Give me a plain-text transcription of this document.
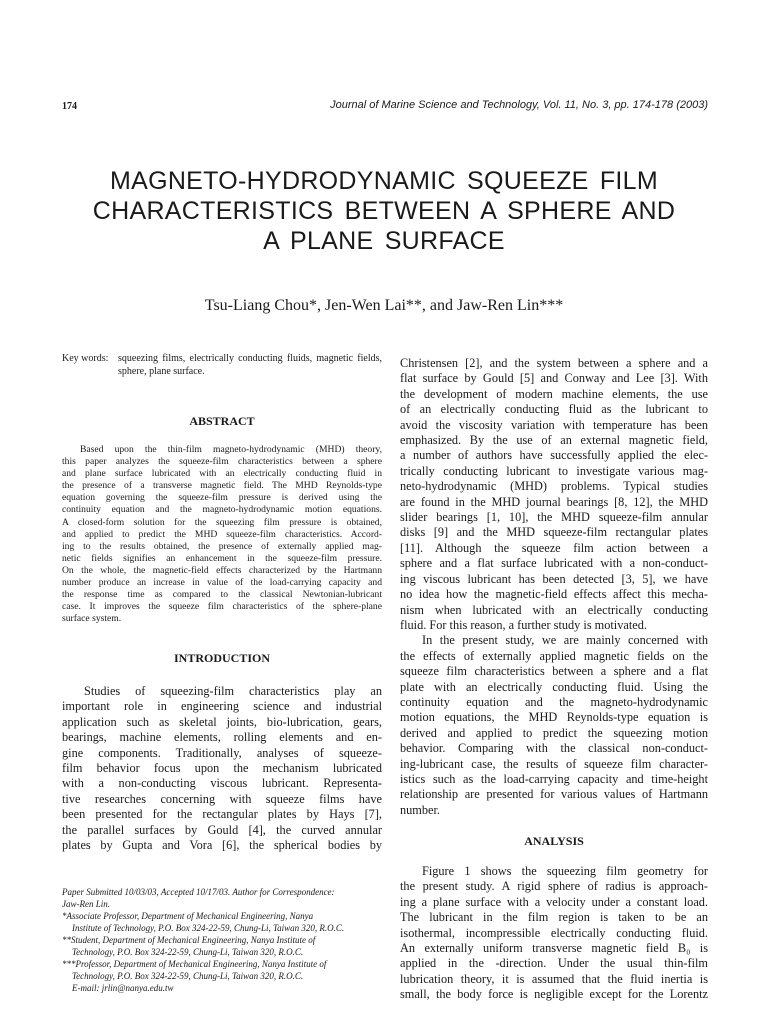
174	Journal of Marine Science and Technology, Vol. 11, No. 3, pp. 174-178 (2003)
MAGNETO-HYDRODYNAMIC SQUEEZE FILM
CHARACTERISTICS BETWEEN A SPHERE AND
A PLANE SURFACE
Tsu-Liang Chou*, Jen-Wen Lai**, and Jaw-Ren Lin***
Key words: squeezing films, electrically conducting fluids, magnetic fields,
sphere, plane surface.
ABSTRACT
Based upon the thin-film magneto-hydrodynamic (MHD) theory,
this paper analyzes the squeeze-film characteristics between a sphere
and plane surface lubricated with an electrically conducting fluid in
the presence of a transverse magnetic field. The MHD Reynolds-type
equation governing the squeeze-film pressure is derived using the
continuity equation and the magneto-hydrodynamic motion equations.
A closed-form solution for the squeezing film pressure is obtained,
and applied to predict the MHD squeeze-film characteristics. Accord-
ing to the results obtained, the presence of externally applied mag-
netic fields signifies an enhancement in the squeeze-film pressure.
On the whole, the magnetic-field effects characterized by the Hartmann
number produce an increase in value of the load-carrying capacity and
the response time as compared to the classical Newtonian-lubricant
case. It improves the squeeze film characteristics of the sphere-plane
surface system.
INTRODUCTION
Studies of squeezing-film characteristics play an
important role in engineering science and industrial
application such as skeletal joints, bio-lubrication, gears,
bearings, machine elements, rolling elements and en-
gine components. Traditionally, analyses of squeeze-
film behavior focus upon the mechanism lubricated
with a non-conducting viscous lubricant. Representa-
tive researches concerning with squeeze films have
been presented for the rectangular plates by Hays [7],
the parallel surfaces by Gould [4], the curved annular
plates by Gupta and Vora [6], the spherical bodies by
Paper Submitted 10/03/03, Accepted 10/17/03. Author for Correspondence:
Jaw-Ren Lin.
*Associate Professor, Department of Mechanical Engineering, Nanya
Institute of Technology, P.O. Box 324-22-59, Chung-Li, Taiwan 320, R.O.C.
**Student, Department of Mechanical Engineering, Nanya Institute of
Technology, P.O. Box 324-22-59, Chung-Li, Taiwan 320, R.O.C.
***Professor, Department of Mechanical Engineering, Nanya Institute of
Technology, P.O. Box 324-22-59, Chung-Li, Taiwan 320, R.O.C.
E-mail: jrlin@nanya.edu.tw
Christensen [2], and the system between a sphere and a
flat surface by Gould [5] and Conway and Lee [3]. With
the development of modern machine elements, the use
of an electrically conducting fluid as the lubricant to
avoid the viscosity variation with temperature has been
emphasized. By the use of an external magnetic field,
a number of authors have successfully applied the elec-
trically conducting lubricant to investigate various mag-
neto-hydrodynamic (MHD) problems. Typical studies
are found in the MHD journal bearings [8, 12], the MHD
slider bearings [1, 10], the MHD squeeze-film annular
disks [9] and the MHD squeeze-film rectangular plates
[11]. Although the squeeze film action between a
sphere and a flat surface lubricated with a non-conduct-
ing viscous lubricant has been detected [3, 5], we have
no idea how the magnetic-field effects affect this mecha-
nism when lubricated with an electrically conducting
fluid. For this reason, a further study is motivated.
In the present study, we are mainly concerned with
the effects of externally applied magnetic fields on the
squeeze film characteristics between a sphere and a flat
plate with an electrically conducting fluid. Using the
continuity equation and the magneto-hydrodynamic
motion equations, the MHD Reynolds-type equation is
derived and applied to predict the squeezing motion
behavior. Comparing with the classical non-conduct-
ing-lubricant case, the results of squeeze film character-
istics such as the load-carrying capacity and time-height
relationship are presented for various values of Hartmann
number.
ANALYSIS
Figure 1 shows the squeezing film geometry for
the present study. A rigid sphere of radius is approach-
ing a plane surface with a velocity under a constant load.
The lubricant in the film region is taken to be an
isothermal, incompressible electrically conducting fluid.
An externally uniform transverse magnetic field B₀ is
applied in the -direction. Under the usual thin-film
lubrication theory, it is assumed that the fluid inertia is
small, the body force is negligible except for the Lorentz
